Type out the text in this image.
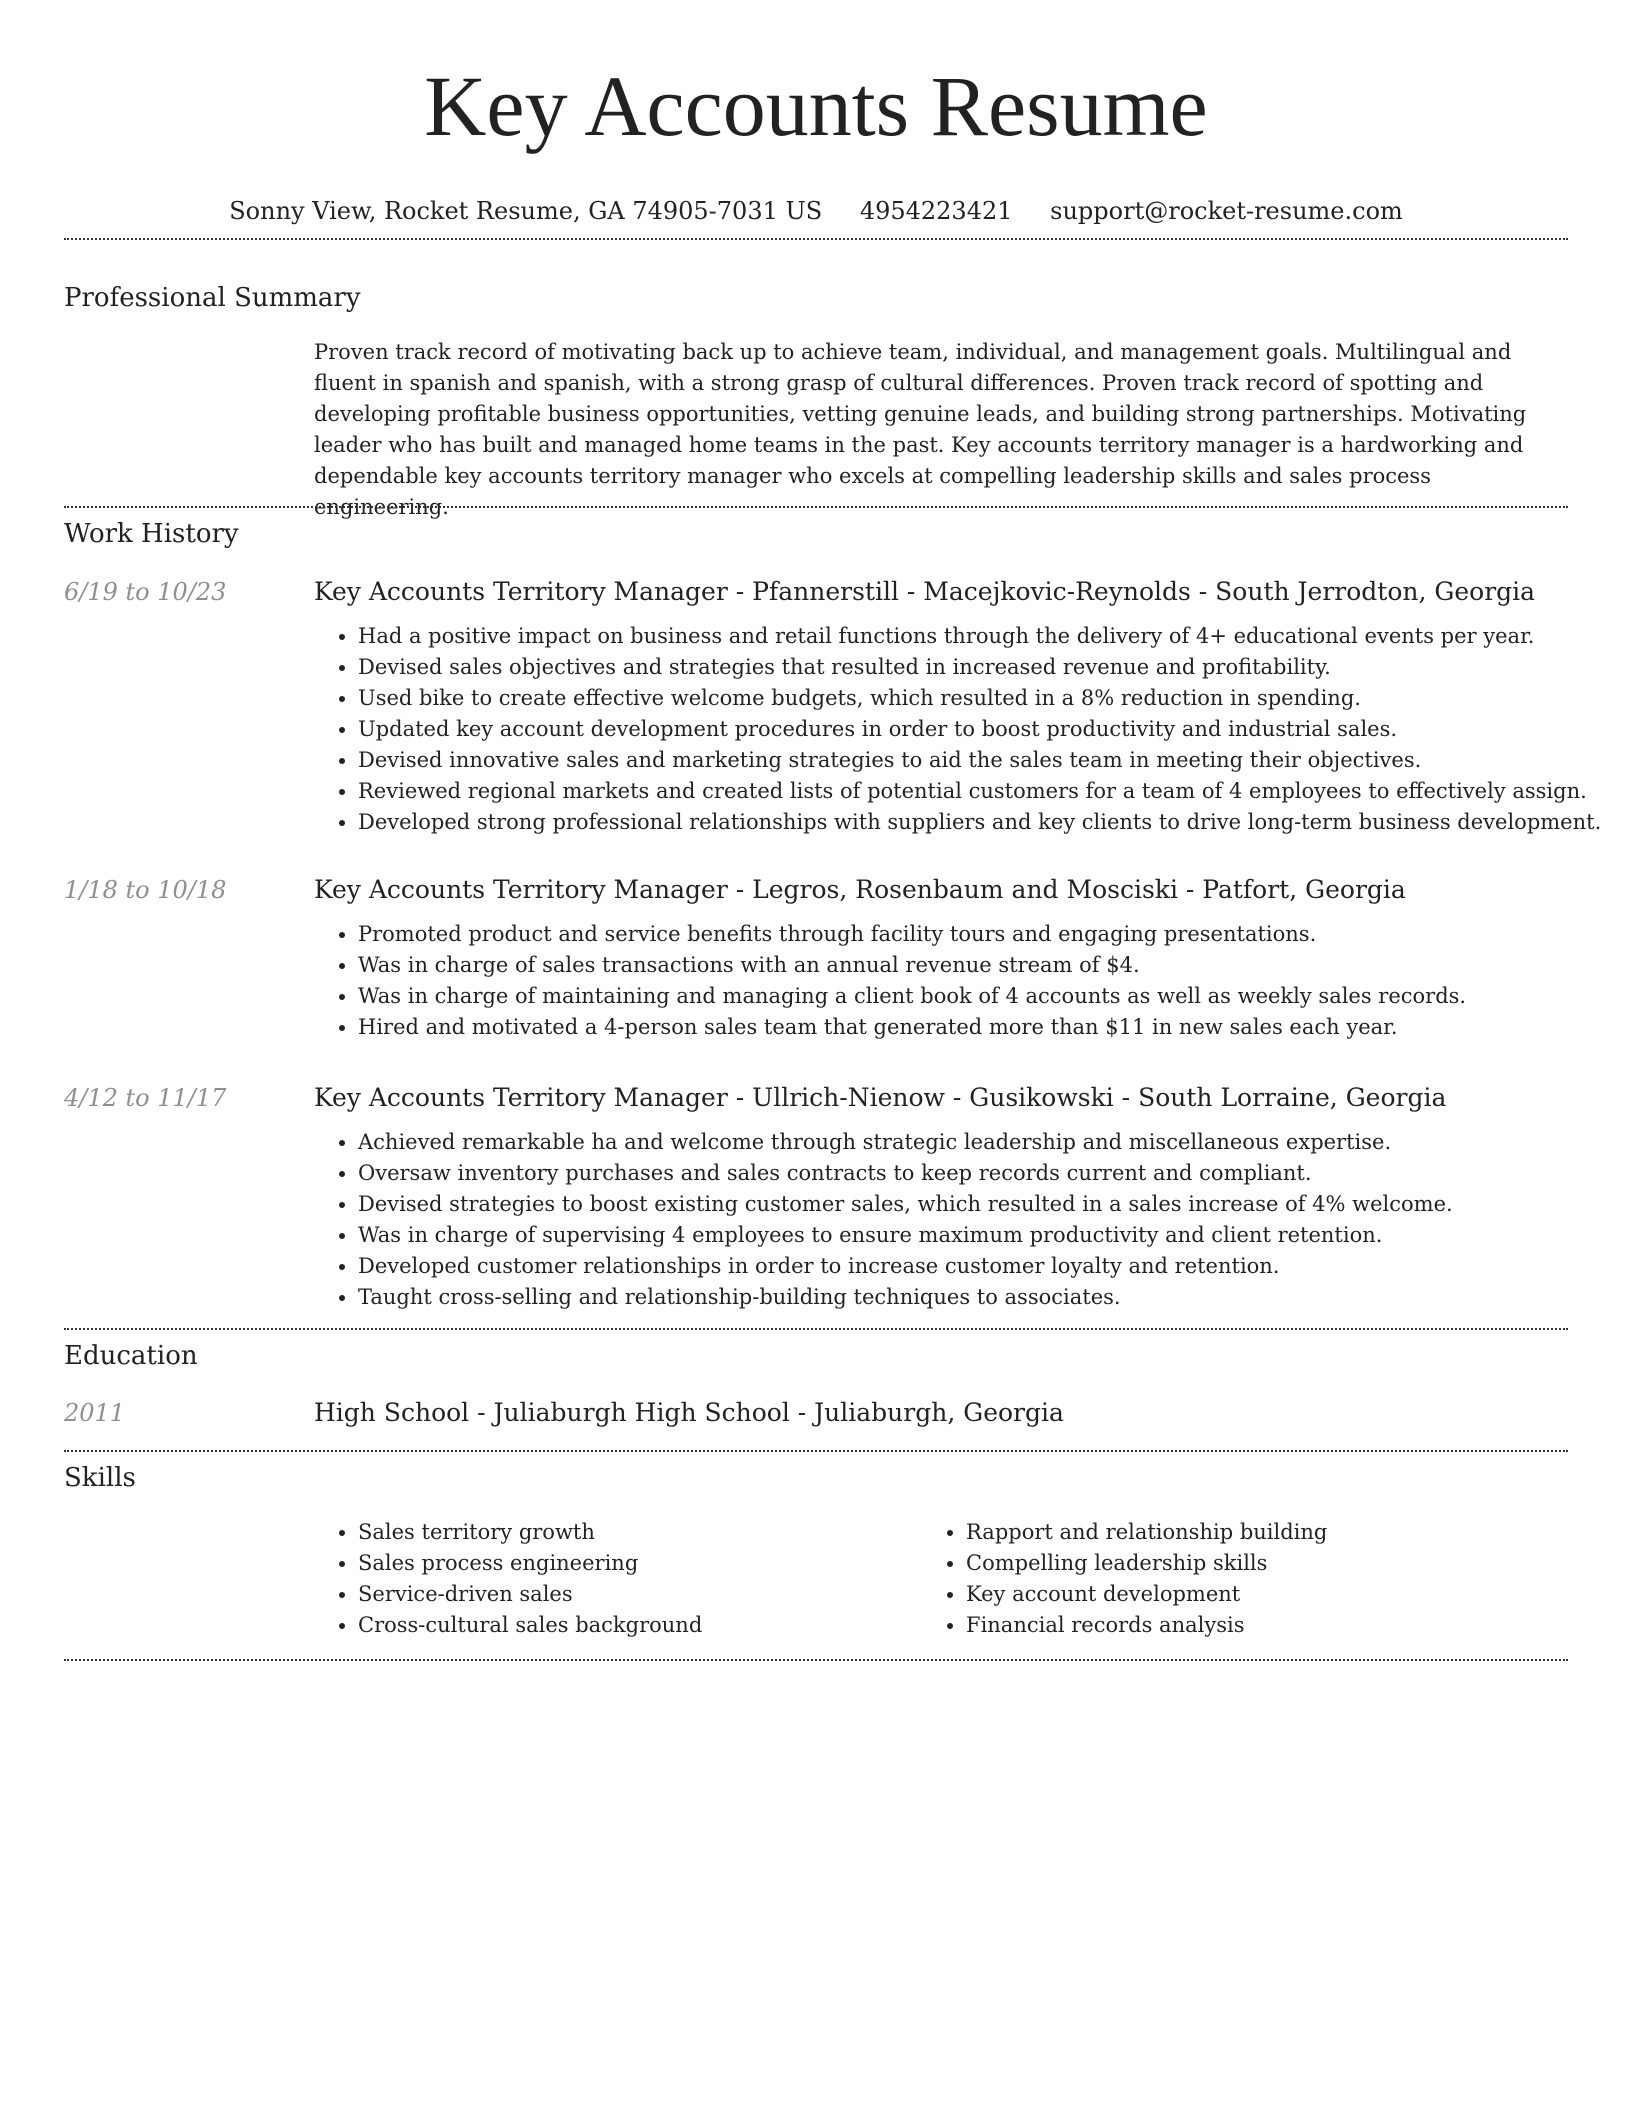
Key Accounts Resume
Sonny View, Rocket Resume, GA 74905-7031 US 4954223421 support@rocket-resume.com
Professional Summary

Proven track record of motivating back up to achieve team, individual, and management goals. Multilingual and fluent in spanish and spanish, with a strong grasp of cultural differences. Proven track record of spotting and developing profitable business opportunities, vetting genuine leads, and building strong partnerships. Motivating leader who has built and managed home teams in the past. Key accounts territory manager is a hardworking and dependable key accounts territory manager who excels at compelling leadership skills and sales process engineering.

Work History
6/19 to 10/23	Key Accounts Territory Manager - Pfannerstill - Macejkovic-Reynolds - South Jerrodton, Georgia
• Had a positive impact on business and retail functions through the delivery of 4+ educational events per year.
• Devised sales objectives and strategies that resulted in increased revenue and profitability.
• Used bike to create effective welcome budgets, which resulted in a 8% reduction in spending.
• Updated key account development procedures in order to boost productivity and industrial sales.
• Devised innovative sales and marketing strategies to aid the sales team in meeting their objectives.
• Reviewed regional markets and created lists of potential customers for a team of 4 employees to effectively assign.
• Developed strong professional relationships with suppliers and key clients to drive long-term business development.
1/18 to 10/18	Key Accounts Territory Manager - Legros, Rosenbaum and Mosciski - Patfort, Georgia
• Promoted product and service benefits through facility tours and engaging presentations.
• Was in charge of sales transactions with an annual revenue stream of $4.
• Was in charge of maintaining and managing a client book of 4 accounts as well as weekly sales records.
• Hired and motivated a 4-person sales team that generated more than $11 in new sales each year.
4/12 to 11/17	Key Accounts Territory Manager - Ullrich-Nienow - Gusikowski - South Lorraine, Georgia
• Achieved remarkable ha and welcome through strategic leadership and miscellaneous expertise.
• Oversaw inventory purchases and sales contracts to keep records current and compliant.
• Devised strategies to boost existing customer sales, which resulted in a sales increase of 4% welcome.
• Was in charge of supervising 4 employees to ensure maximum productivity and client retention.
• Developed customer relationships in order to increase customer loyalty and retention.
• Taught cross-selling and relationship-building techniques to associates.
Education
2011	High School - Juliaburgh High School - Juliaburgh, Georgia
Skills
• Sales territory growth
• Sales process engineering
• Service-driven sales
• Cross-cultural sales background
• Rapport and relationship building
• Compelling leadership skills
• Key account development
• Financial records analysis
